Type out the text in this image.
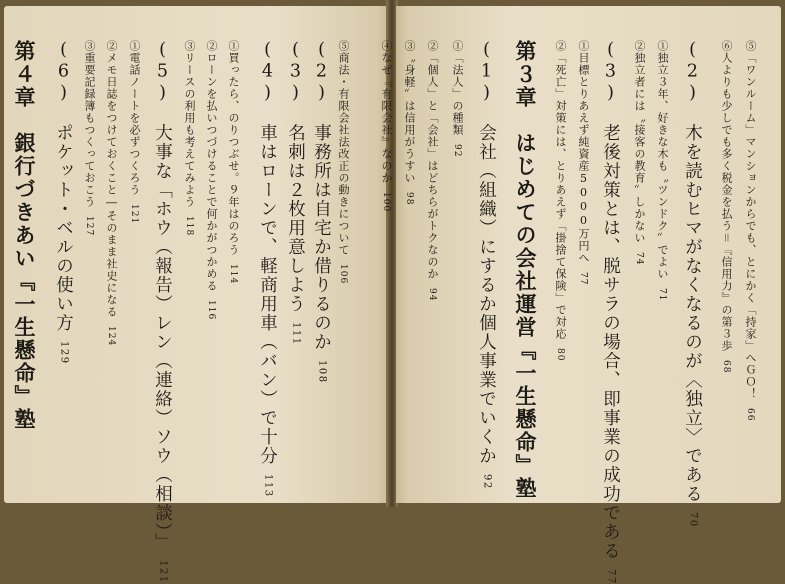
⑤商法・有限会社法改正の動きについて106
(2)　事務所は自宅か借りるのか108
(3)　名刺は２枚用意しよう111
(4)　車はローンで、軽商用車（バン）で十分113
①買ったら、のりつぶせ。９年はのろう114
②ローンを払いつづけることで何かがつかめる116
③リースの利用も考えてみよう118
(5)　大事な「ホウ（報告）レン（連絡）ソウ（相談）」121
①電話ノートを必ずつくろう121
②メモ日誌をつけておくこと―そのまま社史になる124
③重要記録簿もつくっておこう127
(6)　ポケット・ベルの使い方129
第４章　銀行づきあい『一生懸命』塾	⑤「ワンルーム」マンションからでも、とにかく「持家」へＧＯ！66
⑥人よりも少しでも多く税金を払う＝『信用力』の第３歩68
(2)　木を読むヒマがなくなるのが〈独立〉である70
①独立３年、好きな木も〝ツンドク〟でよい71
②独立者には〝接客の教育〟しかない74
(3)　老後対策とは、脱サラの場合、即事業の成功である77
①目標とりあえず純資産5000万円へ77
②「死亡」対策には、とりあえず「掛捨て保険」で対応80
第３章　はじめての会社運営『一生懸命』塾
(1)　会社（組織）にするか個人事業でいくか92
①「法人」の種類92
②「個人」と「会社」はどちらがトクなのか94
③〝身軽〟は信用がうすい98
④なぜ『有限会社』なのか100
